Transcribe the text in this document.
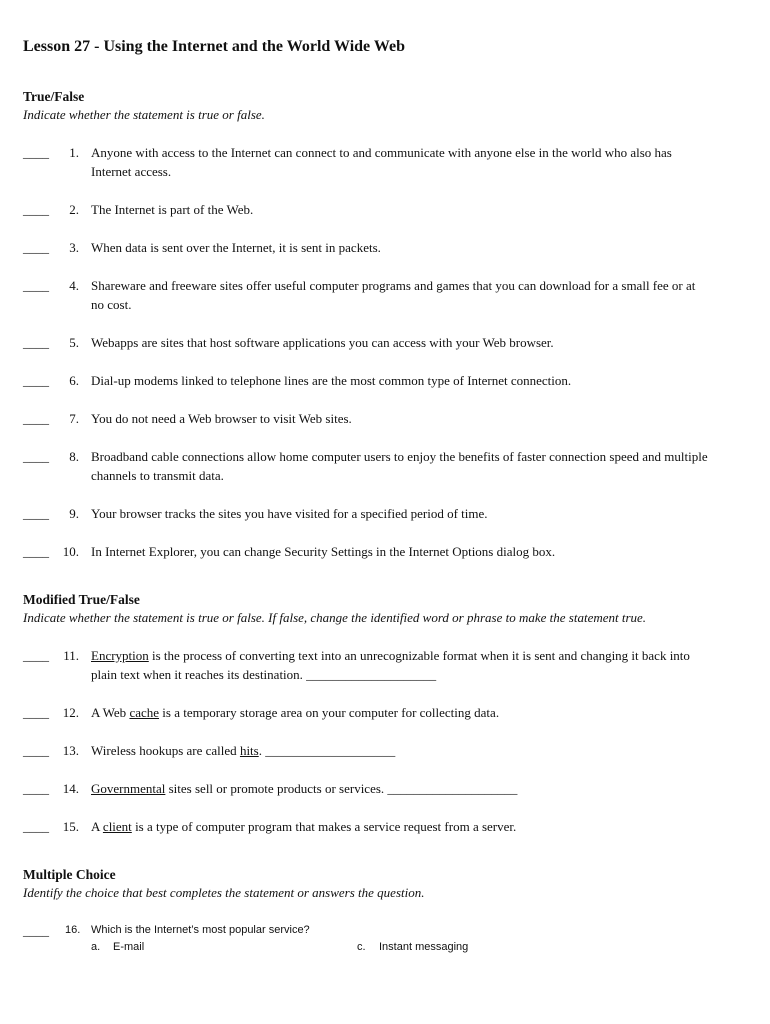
Lesson 27 - Using the Internet and the World Wide Web
True/False
Indicate whether the statement is true or false.
____	1. Anyone with access to the Internet can connect to and communicate with anyone else in the world who also has Internet access.
____	2. The Internet is part of the Web.
____	3. When data is sent over the Internet, it is sent in packets.
____	4. Shareware and freeware sites offer useful computer programs and games that you can download for a small fee or at no cost.
____	5. Webapps are sites that host software applications you can access with your Web browser.
____	6. Dial-up modems linked to telephone lines are the most common type of Internet connection.
____	7. You do not need a Web browser to visit Web sites.
____	8. Broadband cable connections allow home computer users to enjoy the benefits of faster connection speed and multiple channels to transmit data.
____	9. Your browser tracks the sites you have visited for a specified period of time.
____	10. In Internet Explorer, you can change Security Settings in the Internet Options dialog box.
Modified True/False
Indicate whether the statement is true or false. If false, change the identified word or phrase to make the statement true.
____	11. Encryption is the process of converting text into an unrecognizable format when it is sent and changing it back into plain text when it reaches its destination. ____________________
____	12. A Web cache is a temporary storage area on your computer for collecting data.
____	13. Wireless hookups are called hits. ____________________
____	14. Governmental sites sell or promote products or services. ____________________
____	15. A client is a type of computer program that makes a service request from a server.
Multiple Choice
Identify the choice that best completes the statement or answers the question.
____ 16. Which is the Internet’s most popular service?
a. E-mail	c. Instant messaging
